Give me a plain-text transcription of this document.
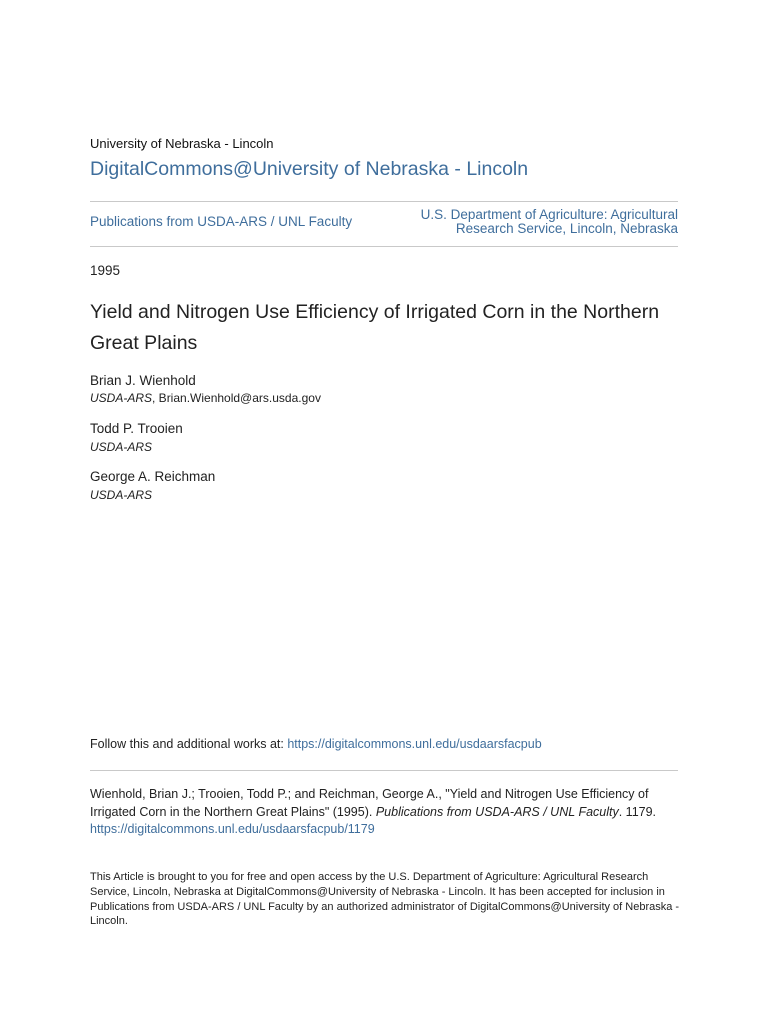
University of Nebraska - Lincoln
DigitalCommons@University of Nebraska - Lincoln
Publications from USDA-ARS / UNL Faculty	U.S. Department of Agriculture: Agricultural
Research Service, Lincoln, Nebraska
1995
Yield and Nitrogen Use Efficiency of Irrigated Corn in the Northern Great Plains
Brian J. Wienhold
USDA-ARS, Brian.Wienhold@ars.usda.gov
Todd P. Trooien
USDA-ARS
George A. Reichman
USDA-ARS
Follow this and additional works at: https://digitalcommons.unl.edu/usdaarsfacpub
Wienhold, Brian J.; Trooien, Todd P.; and Reichman, George A., "Yield and Nitrogen Use Efficiency of Irrigated Corn in the Northern Great Plains" (1995). Publications from USDA-ARS / UNL Faculty. 1179.
https://digitalcommons.unl.edu/usdaarsfacpub/1179
This Article is brought to you for free and open access by the U.S. Department of Agriculture: Agricultural Research Service, Lincoln, Nebraska at DigitalCommons@University of Nebraska - Lincoln. It has been accepted for inclusion in Publications from USDA-ARS / UNL Faculty by an authorized administrator of DigitalCommons@University of Nebraska - Lincoln.
